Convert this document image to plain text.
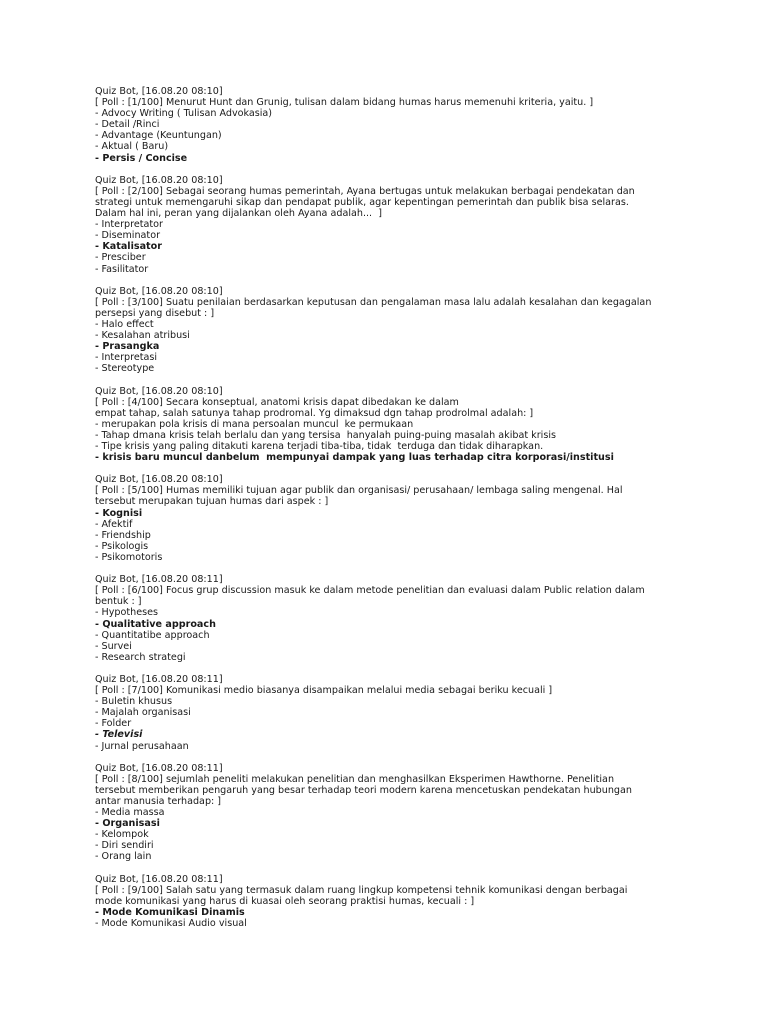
Quiz Bot, [16.08.20 08:10]
[ Poll : [1/100] Menurut Hunt dan Grunig, tulisan dalam bidang humas harus memenuhi kriteria, yaitu. ]
- Advocy Writing ( Tulisan Advokasia)
- Detail /Rinci
- Advantage (Keuntungan)
- Aktual ( Baru)
- Persis / Concise
Quiz Bot, [16.08.20 08:10]
[ Poll : [2/100] Sebagai seorang humas pemerintah, Ayana bertugas untuk melakukan berbagai pendekatan dan strategi untuk memengaruhi sikap dan pendapat publik, agar kepentingan pemerintah dan publik bisa selaras. Dalam hal ini, peran yang dijalankan oleh Ayana adalah...  ]
- Interpretator
- Diseminator
- Katalisator
- Presciber
- Fasilitator
Quiz Bot, [16.08.20 08:10]
[ Poll : [3/100] Suatu penilaian berdasarkan keputusan dan pengalaman masa lalu adalah kesalahan dan kegagalan persepsi yang disebut : ]
- Halo effect
- Kesalahan atribusi
- Prasangka
- Interpretasi
- Stereotype
Quiz Bot, [16.08.20 08:10]
[ Poll : [4/100] Secara konseptual, anatomi krisis dapat dibedakan ke dalam
empat tahap, salah satunya tahap prodromal. Yg dimaksud dgn tahap prodrolmal adalah: ]
- merupakan pola krisis di mana persoalan muncul  ke permukaan
- Tahap dmana krisis telah berlalu dan yang tersisa  hanyalah puing-puing masalah akibat krisis
- Tipe krisis yang paling ditakuti karena terjadi tiba-tiba, tidak  terduga dan tidak diharapkan.
- krisis baru muncul danbelum  mempunyai dampak yang luas terhadap citra korporasi/institusi
Quiz Bot, [16.08.20 08:10]
[ Poll : [5/100] Humas memiliki tujuan agar publik dan organisasi/ perusahaan/ lembaga saling mengenal. Hal tersebut merupakan tujuan humas dari aspek : ]
- Kognisi
- Afektif
- Friendship
- Psikologis
- Psikomotoris
Quiz Bot, [16.08.20 08:11]
[ Poll : [6/100] Focus grup discussion masuk ke dalam metode penelitian dan evaluasi dalam Public relation dalam bentuk : ]
- Hypotheses
- Qualitative approach
- Quantitatibe approach
- Survei
- Research strategi
Quiz Bot, [16.08.20 08:11]
[ Poll : [7/100] Komunikasi medio biasanya disampaikan melalui media sebagai beriku kecuali ]
- Buletin khusus
- Majalah organisasi
- Folder
- Televisi
- Jurnal perusahaan
Quiz Bot, [16.08.20 08:11]
[ Poll : [8/100] sejumlah peneliti melakukan penelitian dan menghasilkan Eksperimen Hawthorne. Penelitian tersebut memberikan pengaruh yang besar terhadap teori modern karena mencetuskan pendekatan hubungan antar manusia terhadap: ]
- Media massa
- Organisasi
- Kelompok
- Diri sendiri
- Orang lain
Quiz Bot, [16.08.20 08:11]
[ Poll : [9/100] Salah satu yang termasuk dalam ruang lingkup kompetensi tehnik komunikasi dengan berbagai mode komunikasi yang harus di kuasai oleh seorang praktisi humas, kecuali : ]
- Mode Komunikasi Dinamis
- Mode Komunikasi Audio visual
